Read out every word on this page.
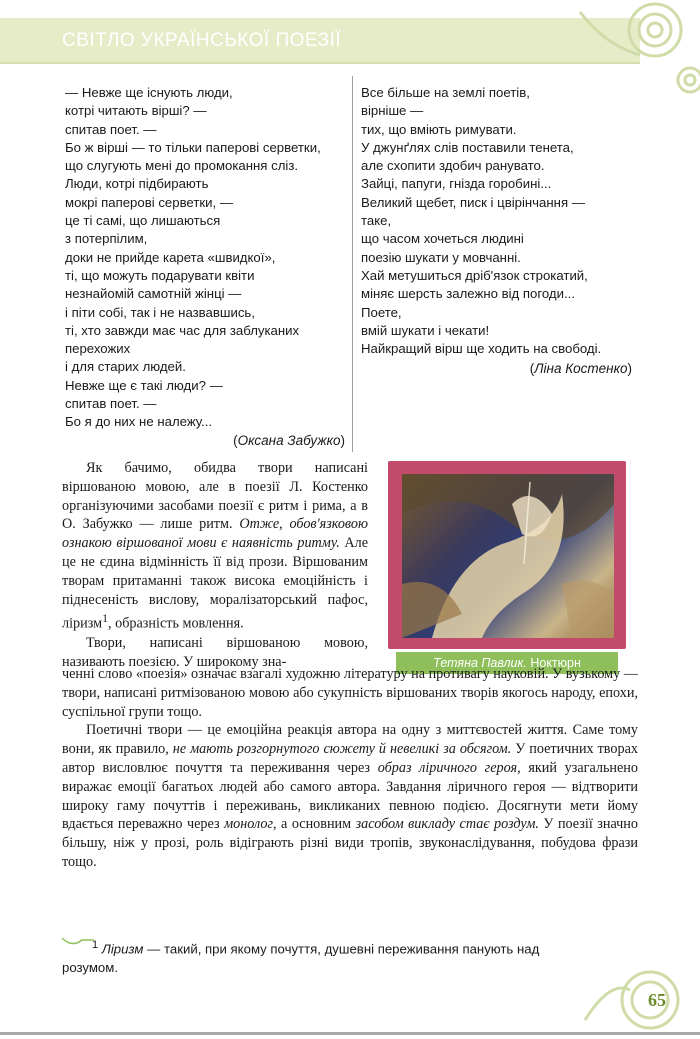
СВІТЛО УКРАЇНСЬКОЇ ПОЕЗІЇ
— Невже ще існують люди,
котрі читають вірші? —
спитав поет. —
Бо ж вірші — то тільки паперові серветки,
що слугують мені до промокання сліз.
Люди, котрі підбирають
мокрі паперові серветки, —
це ті самі, що лишаються
з потерпілим,
доки не прийде карета «швидкої»,
ті, що можуть подарувати квіти
незнайомій самотній жінці —
і піти собі, так і не назвавшись,
ті, хто завжди має час для заблуканих
перехожих
і для старих людей.
Невже ще є такі люди? —
спитав поет. —
Бо я до них не належу...
(Оксана Забужко)
Все більше на землі поетів,
вірніше —
тих, що вміють римувати.
У джунґлях слів поставили тенета,
але схопити здобич ранувато.
Зайці, папуги, гнізда горобині...
Великий щебет, писк і цвірінчання —
таке,
що часом хочеться людині
поезію шукати у мовчанні.
Хай метушиться дріб'язок строкатий,
міняє шерсть залежно від погоди...
Поете,
вмій шукати і чекати!
Найкращий вірш ще ходить на свободі.
(Ліна Костенко)

Як бачимо, обидва твори написані віршованою мовою, але в поезії Л. Костенко організуючими засобами поезії є ритм і рима, а в О. Забужко — лише ритм. Отже, обов'язковою ознакою віршованої мови є наявність ритму. Але це не єдина відмінність її від прози. Віршованим творам притаманні також висока емоційність і піднесеність вислову, моралізаторський пафос, ліризм$^1$, образність мовлення.

Твори, написані віршованою мовою, називають поезією. У широкому зна-	Тетяна Павлик. Ноктюрн

ченні слово «поезія» означає взагалі художню літературу на противагу науковій. У вузькому — твори, написані ритмізованою мовою або сукупність віршованих творів якогось народу, епохи, суспільної групи тощо.

Поетичні твори — це емоційна реакція автора на одну з миттєвостей життя. Саме тому вони, як правило, не мають розгорнутого сюжету й невеликі за обсягом. У поетичних творах автор висловлює почуття та переживання через образ ліричного героя, який узагальнено виражає емоції багатьох людей або самого автора. Завдання ліричного героя — відтворити широку гаму почуттів і переживань, викликаних певною подією. Досягнути мети йому вдається переважно через монолог, а основним засобом викладу стає роздум. У поезії значно більшу, ніж у прозі, роль відіграють різні види тропів, звуконаслідування, побудова фрази тощо.

$^1$ Ліризм — такий, при якому почуття, душевні переживання панують над
розумом.
65
